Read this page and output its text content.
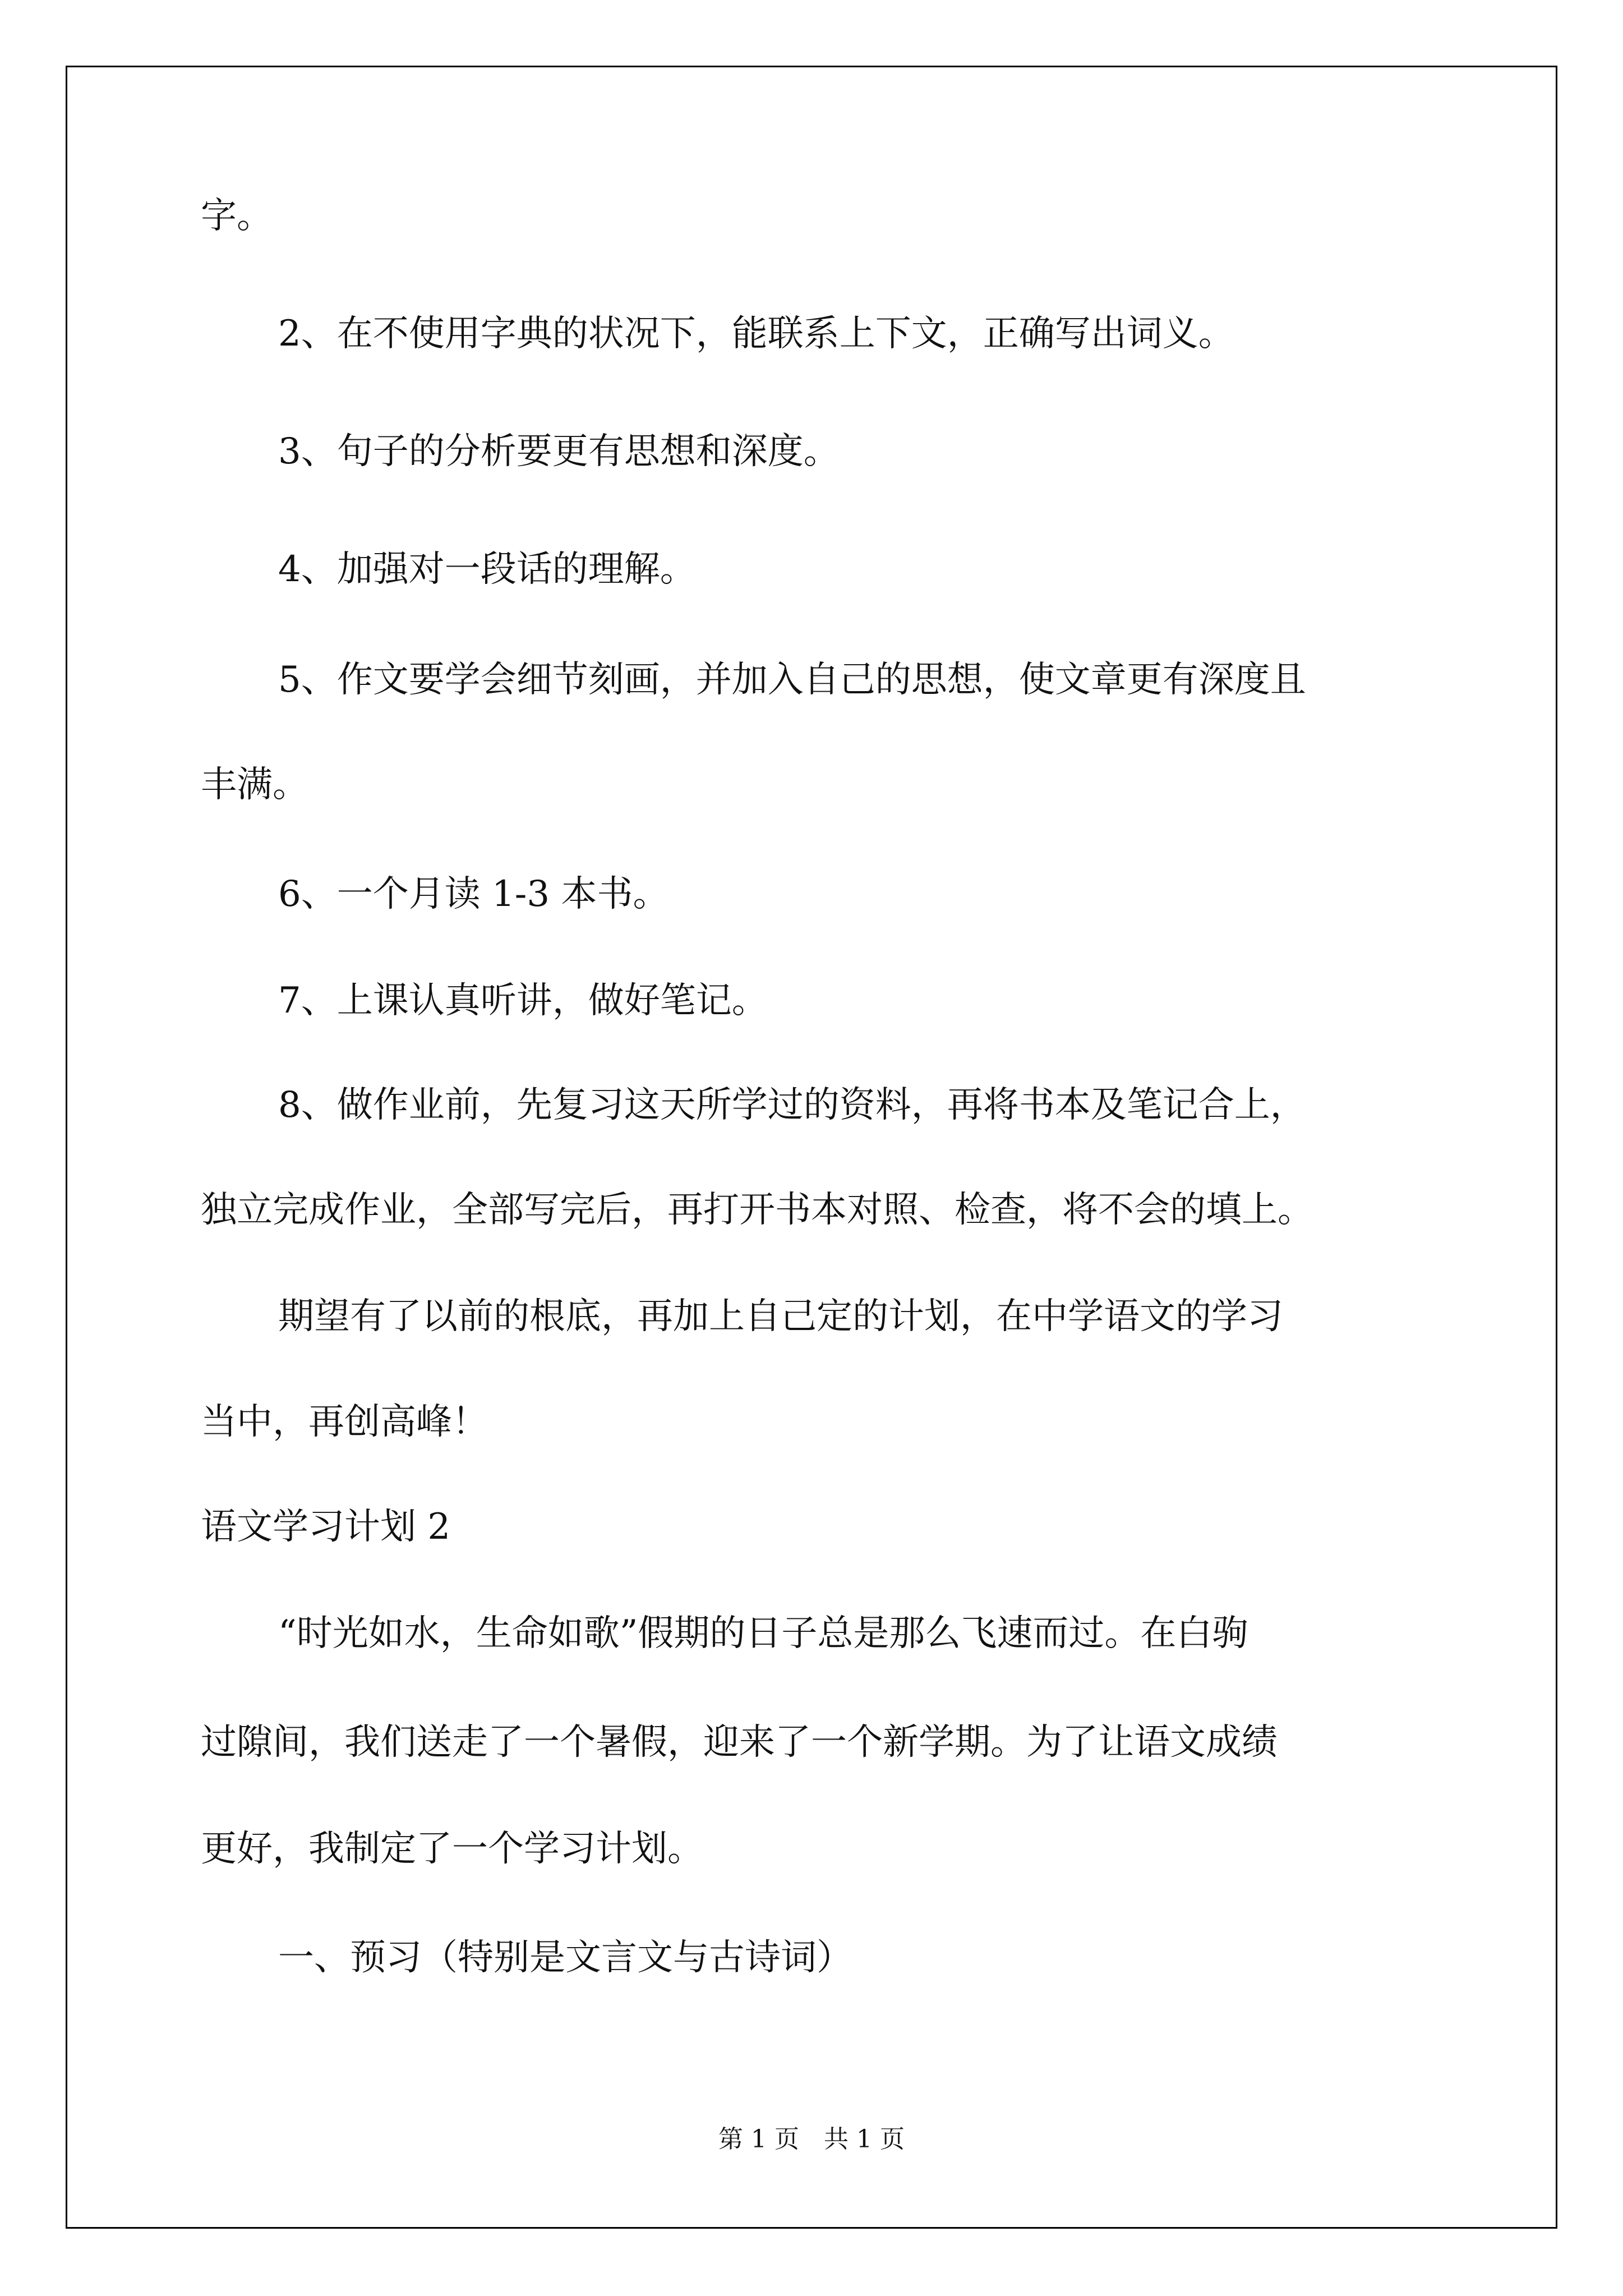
字。
2、在不使用字典的状况下，能联系上下文，正确写出词义。
3、句子的分析要更有思想和深度。
4、加强对一段话的理解。
5、作文要学会细节刻画，并加入自己的思想，使文章更有深度且
丰满。
6、一个月读 1-3 本书。
7、上课认真听讲，做好笔记。
8、做作业前，先复习这天所学过的资料，再将书本及笔记合上，
独立完成作业，全部写完后，再打开书本对照、检查，将不会的填上。
期望有了以前的根底，再加上自己定的计划，在中学语文的学习
当中，再创高峰！
语文学习计划 2
“时光如水，生命如歌”假期的日子总是那么飞速而过。在白驹
过隙间，我们送走了一个暑假，迎来了一个新学期。为了让语文成绩
更好，我制定了一个学习计划。
一、预习（特别是文言文与古诗词）
第 1 页　共 1 页
